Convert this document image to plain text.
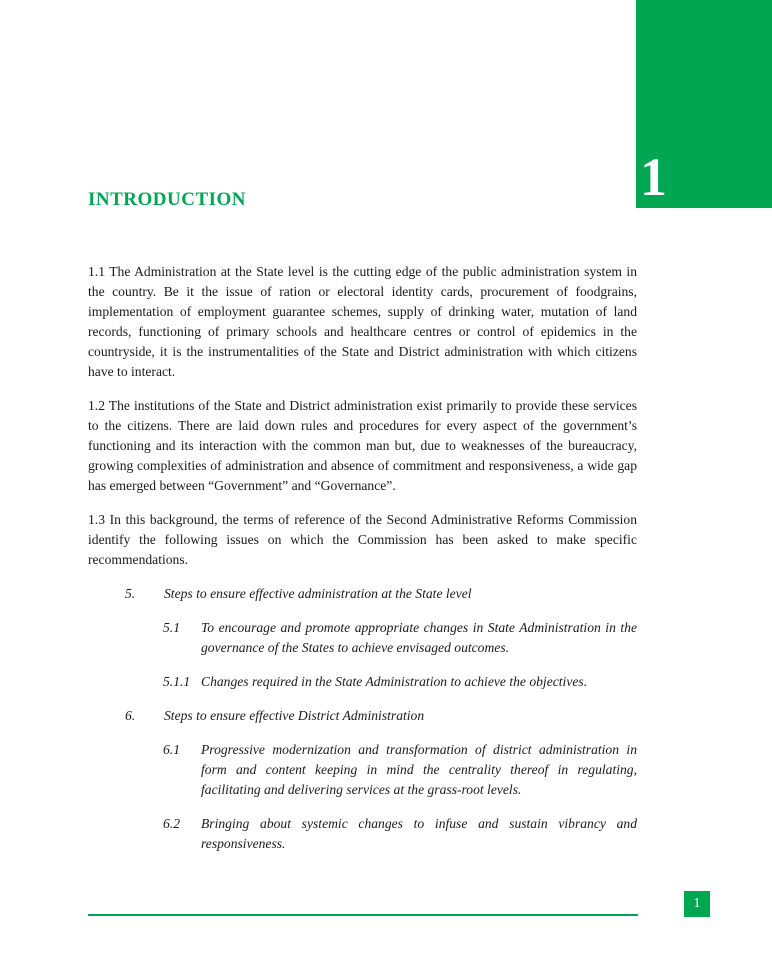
1
INTRODUCTION

1.1 The Administration at the State level is the cutting edge of the public administration system in the country. Be it the issue of ration or electoral identity cards, procurement of foodgrains, implementation of employment guarantee schemes, supply of drinking water, mutation of land records, functioning of primary schools and healthcare centres or control of epidemics in the countryside, it is the instrumentalities of the State and District administration with which citizens have to interact.

1.2 The institutions of the State and District administration exist primarily to provide these services to the citizens. There are laid down rules and procedures for every aspect of the government’s functioning and its interaction with the common man but, due to weaknesses of the bureaucracy, growing complexities of administration and absence of commitment and responsiveness, a wide gap has emerged between “Government” and “Governance”.

1.3 In this background, the terms of reference of the Second Administrative Reforms Commission identify the following issues on which the Commission has been asked to make specific recommendations.

5. Steps to ensure effective administration at the State level
5.1 To encourage and promote appropriate changes in State Administration in the governance of the States to achieve envisaged outcomes.
5.1.1 Changes required in the State Administration to achieve the objectives.
6. Steps to ensure effective District Administration
6.1 Progressive modernization and transformation of district administration in form and content keeping in mind the centrality thereof in regulating, facilitating and delivering services at the grass-root levels.
6.2 Bringing about systemic changes to infuse and sustain vibrancy and responsiveness.
1
